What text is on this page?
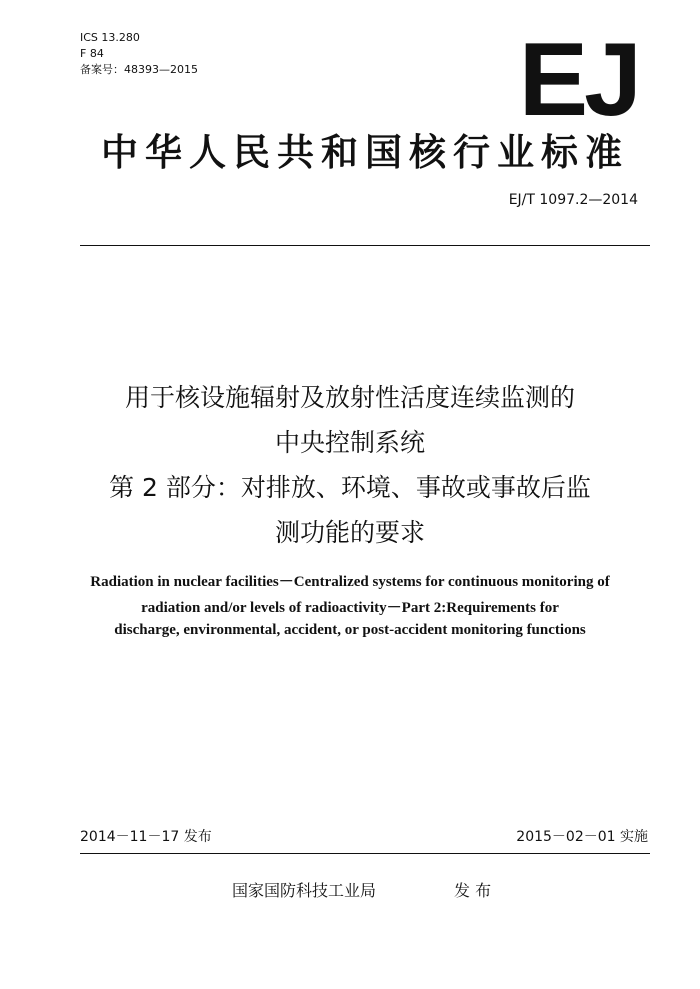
ICS 13.280
F 84
备案号：48393—2015	EJ
中华人民共和国核行业标准
EJ/T 1097.2—2014
用于核设施辐射及放射性活度连续监测的
中央控制系统
第 2 部分：对排放、环境、事故或事故后监
测功能的要求
Radiation in nuclear facilities－Centralized systems for continuous monitoring of
radiation and/or levels of radioactivity－Part 2:Requirements for
discharge, environmental, accident, or post-accident monitoring functions
2014－11－17 发布	2015－02－01 实施
国家国防科技工业局	发 布
